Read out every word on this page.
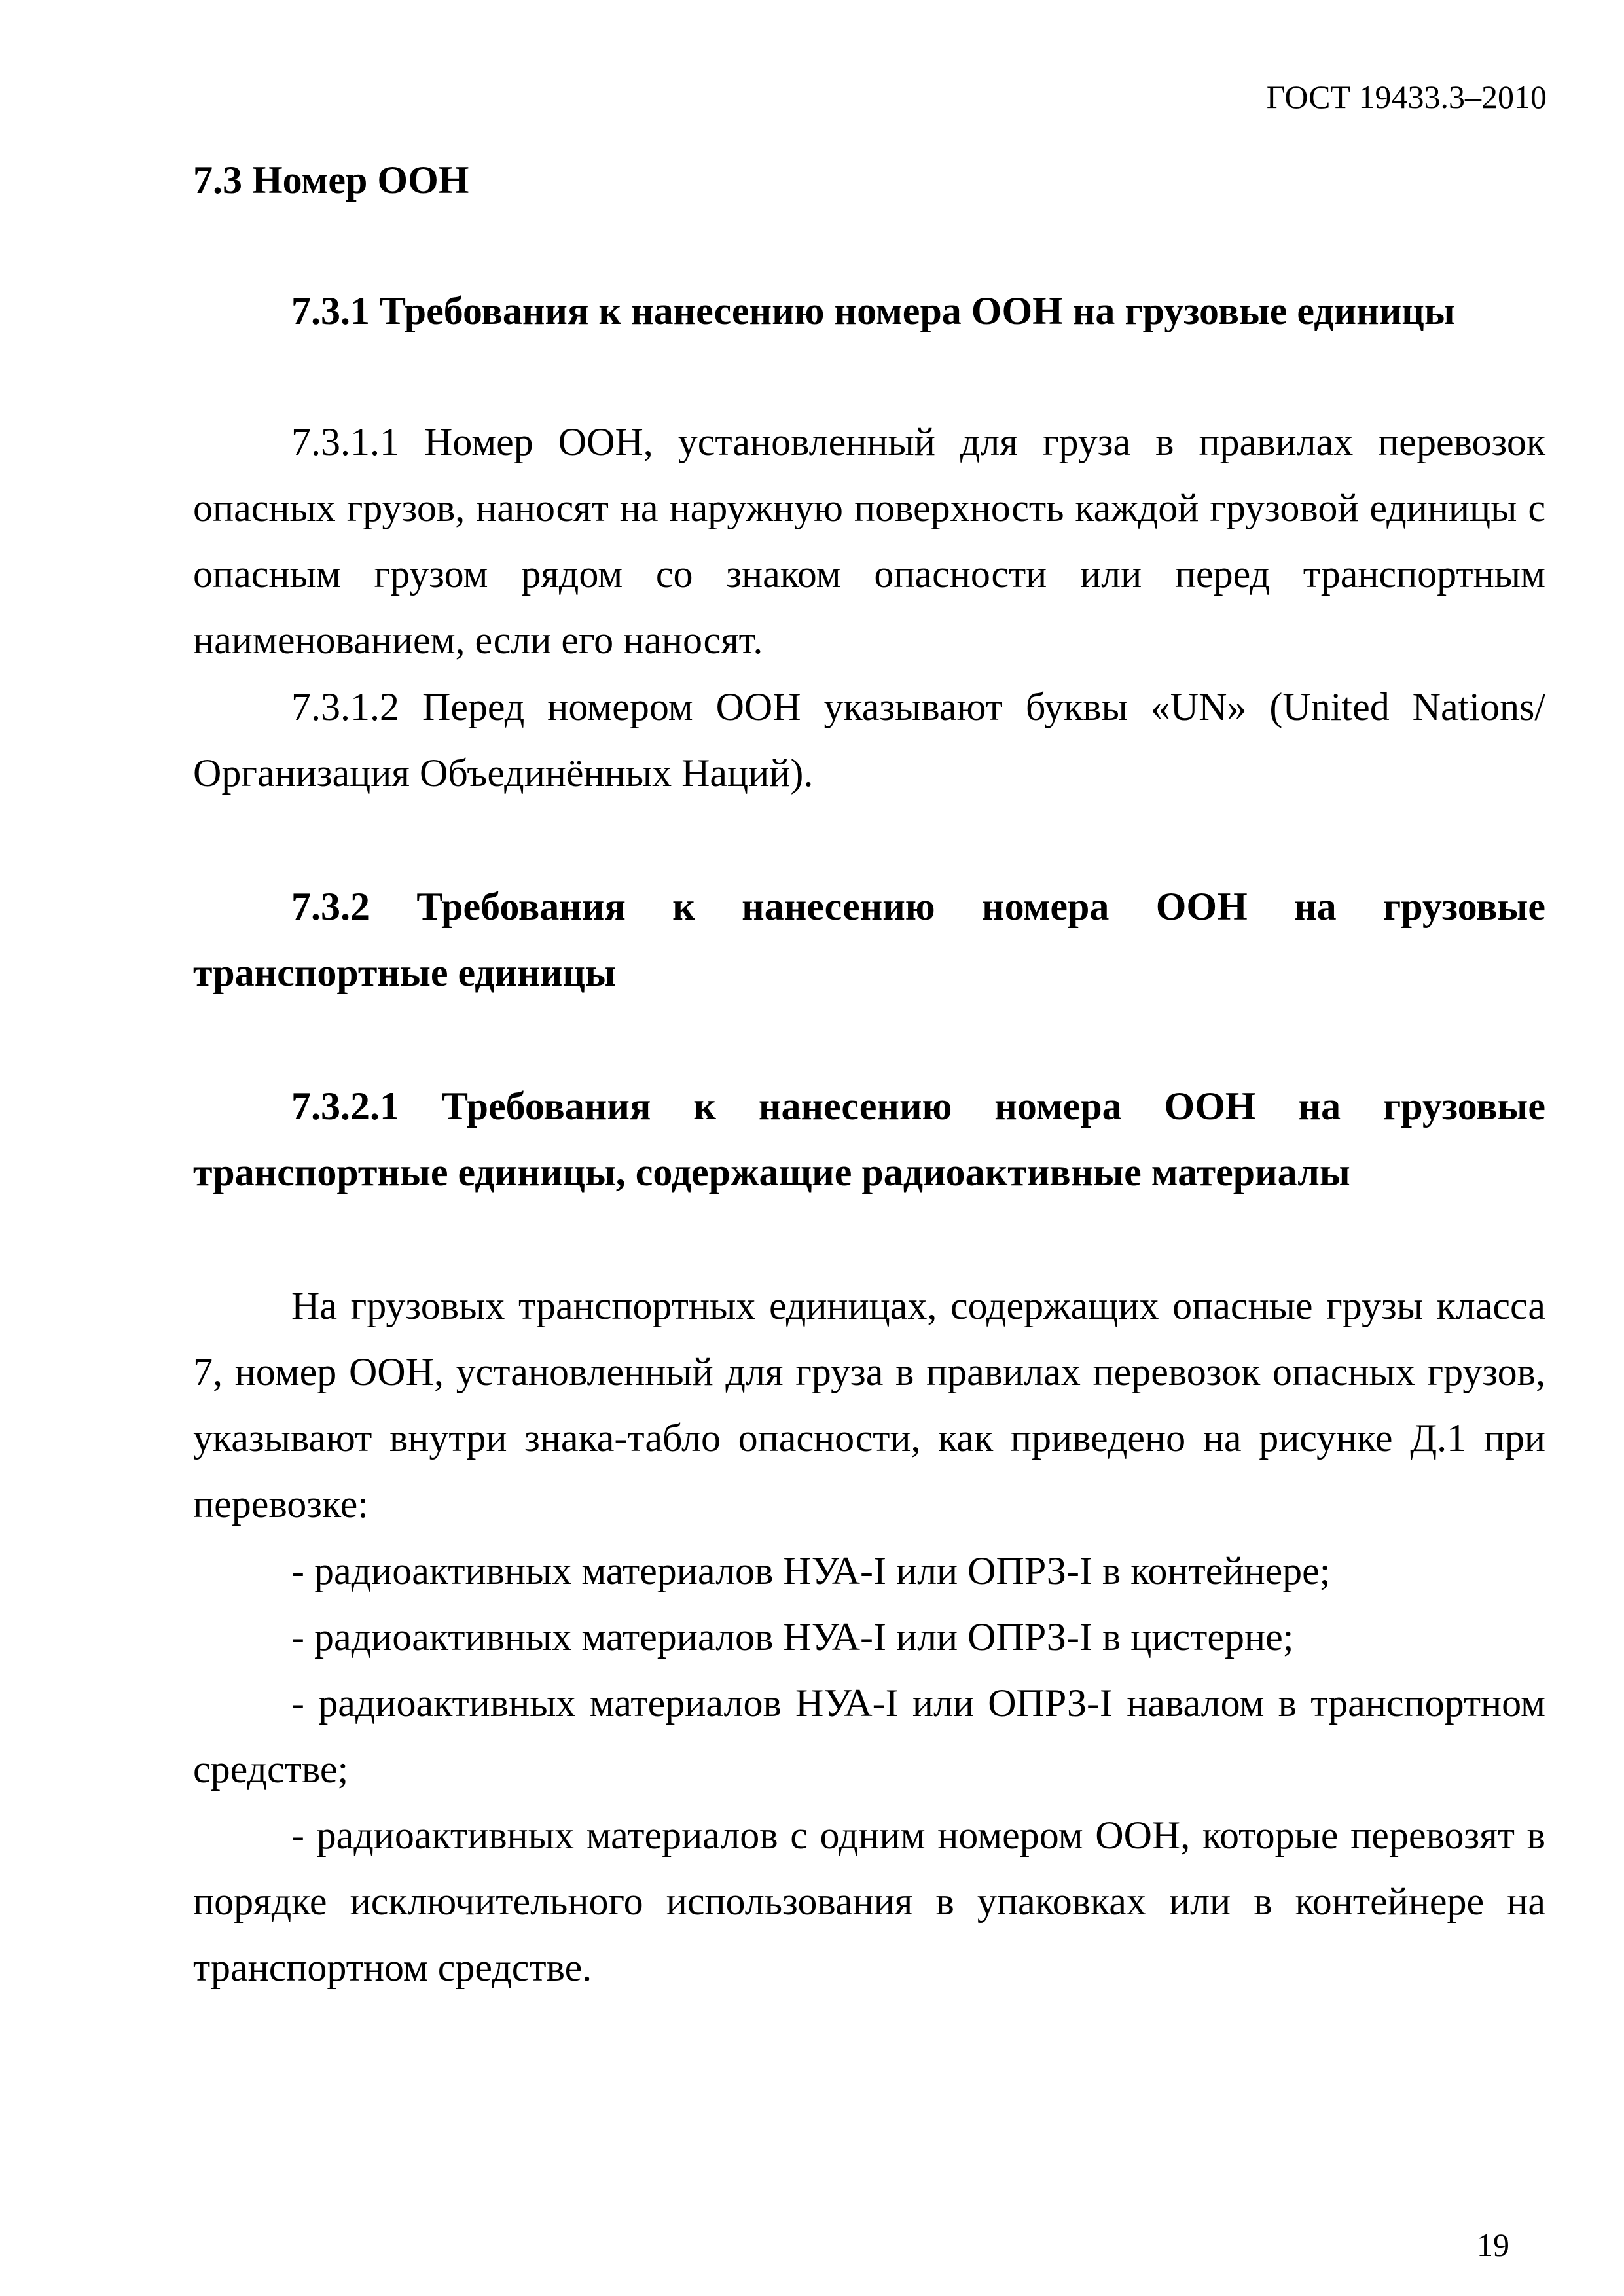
ГОСТ 19433.3–2010

7.3 Номер ООН

7.3.1 Требования к нанесению номера ООН на грузовые единицы

7.3.1.1 Номер ООН, установленный для груза в правилах перевозок опасных грузов, наносят на наружную поверхность каждой грузовой единицы с опасным грузом рядом со знаком опасности или перед транспортным наименованием, если его наносят.

7.3.1.2 Перед номером ООН указывают буквы «UN» (United Nations/Организация Объединённых Наций).

7.3.2 Требования к нанесению номера ООН на грузовые транспортные единицы

7.3.2.1 Требования к нанесению номера ООН на грузовые транспортные единицы, содержащие радиоактивные материалы

На грузовых транспортных единицах, содержащих опасные грузы класса 7, номер ООН, установленный для груза в правилах перевозок опасных грузов, указывают внутри знака-табло опасности, как приведено на рисунке Д.1 при перевозке:

- радиоактивных материалов НУА-I или ОПРЗ-I в контейнере;

- радиоактивных материалов НУА-I или ОПРЗ-I в цистерне;

- радиоактивных материалов НУА-I или ОПРЗ-I навалом в транспортном средстве;

- радиоактивных материалов с одним номером ООН, которые перевозят в порядке исключительного использования в упаковках или в контейнере на транспортном средстве.

19
